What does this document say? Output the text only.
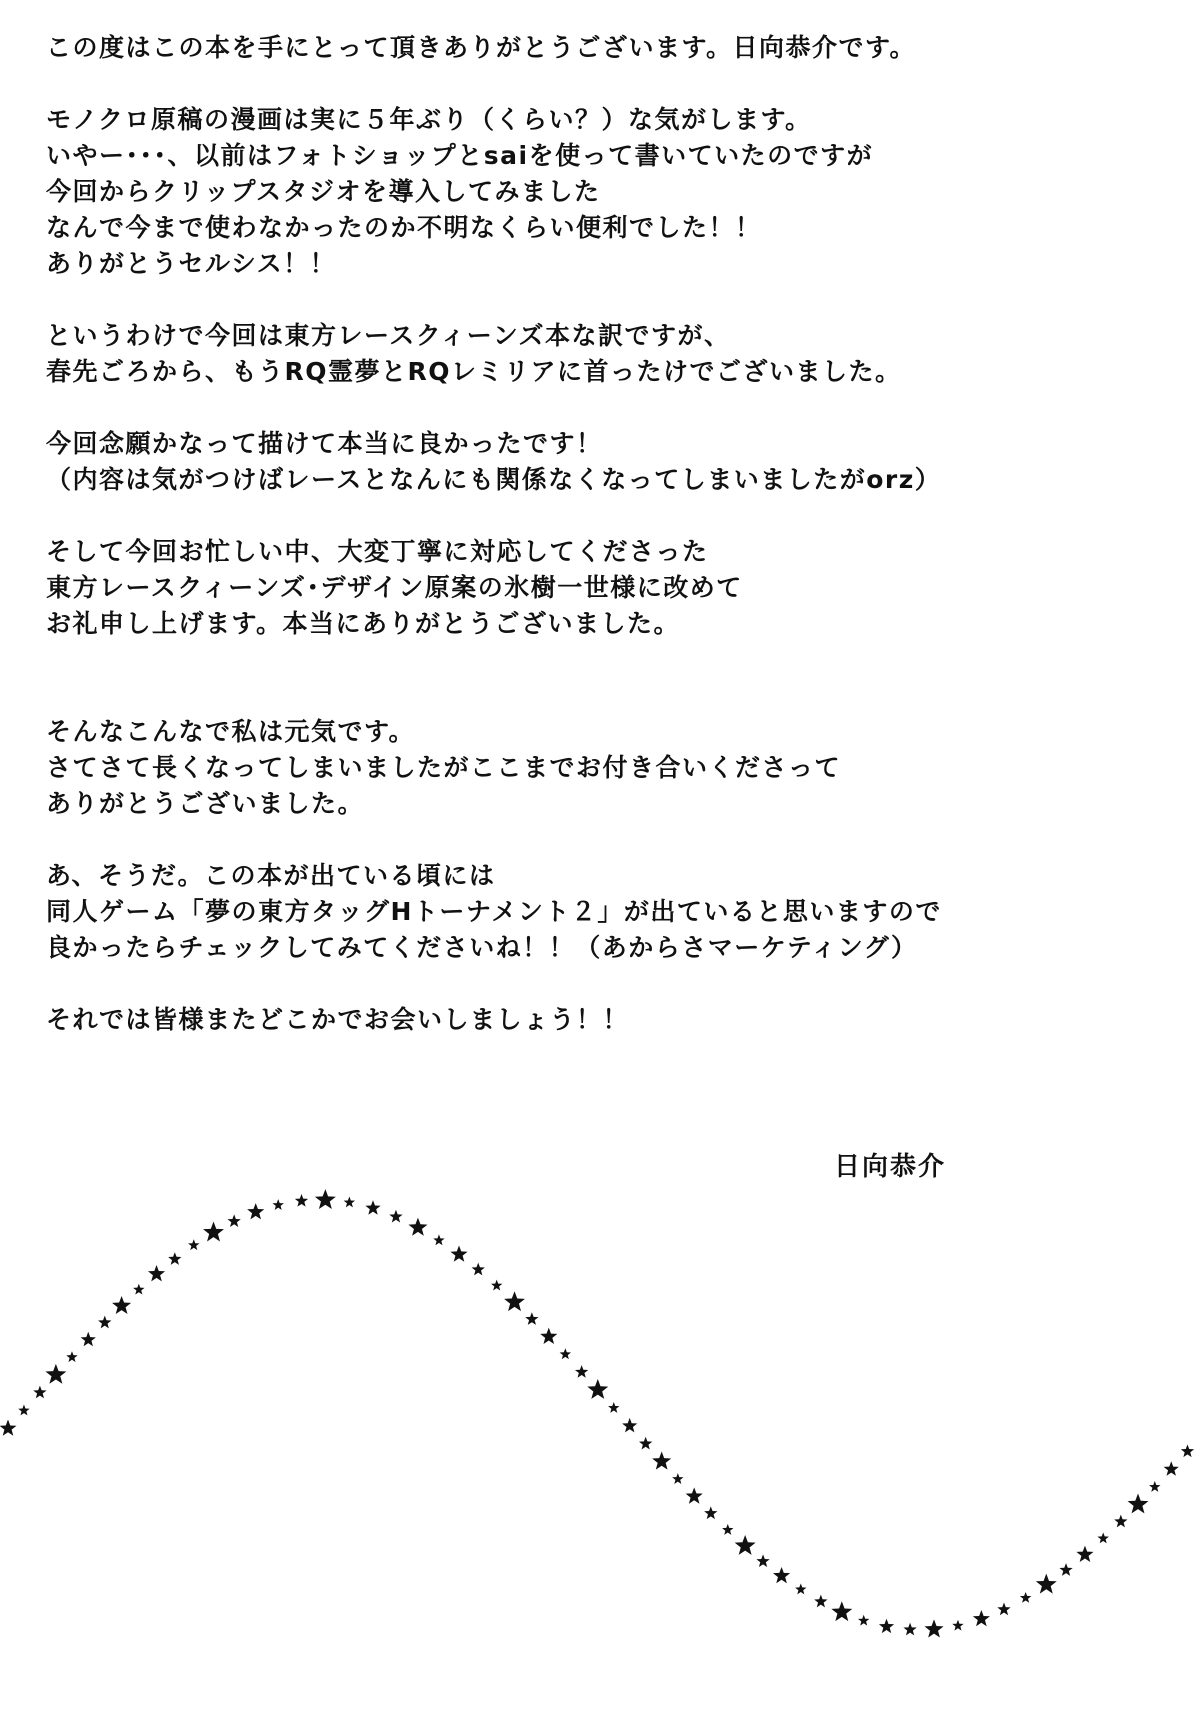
この度はこの本を手にとって頂きありがとうございます。日向恭介です。
モノクロ原稿の漫画は実に５年ぶり（くらい？）な気がします。
いやー･･･、以前はフォトショップとsaiを使って書いていたのですが
今回からクリップスタジオを導入してみました
なんで今まで使わなかったのか不明なくらい便利でした！！
ありがとうセルシス！！
というわけで今回は東方レースクィーンズ本な訳ですが、
春先ごろから、もうRQ霊夢とRQレミリアに首ったけでございました。
今回念願かなって描けて本当に良かったです！
（内容は気がつけばレースとなんにも関係なくなってしまいましたがorz）
そして今回お忙しい中、大変丁寧に対応してくださった
東方レースクィーンズ･デザイン原案の氷樹一世様に改めて
お礼申し上げます。本当にありがとうございました。
そんなこんなで私は元気です。
さてさて長くなってしまいましたがここまでお付き合いくださって
ありがとうございました。
あ、そうだ。この本が出ている頃には
同人ゲーム「夢の東方タッグHトーナメント２」が出ていると思いますので
良かったらチェックしてみてくださいね！！（あからさマーケティング）
それでは皆様またどこかでお会いしましょう！！
日向恭介
